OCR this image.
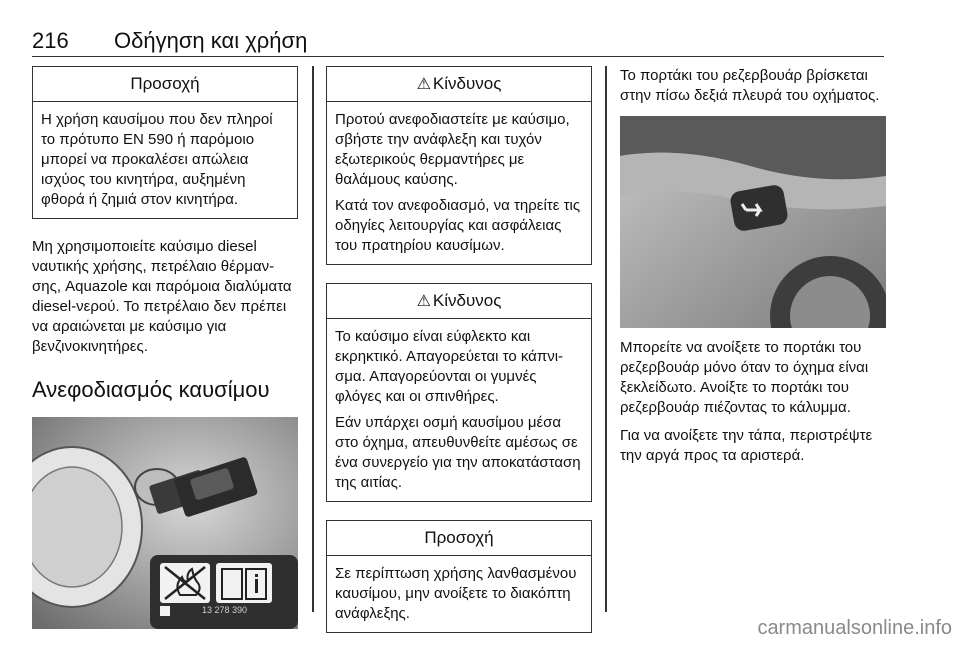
216 Οδήγηση και χρήση
Προσοχή

Η χρήση καυσίμου που δεν πληροί το πρότυπο EN 590 ή παρόμοιο μπορεί να προκαλέσει απώλεια ισχύος του κινητήρα, αυξημένη φθορά ή ζημιά στον κινητήρα.

Μη χρησιμοποιείτε καύσιμο diesel ναυτικής χρήσης, πετρέλαιο θέρμανσης, Aquazole και παρόμοια διαλύματα diesel-νερού. Το πετρέλαιο δεν πρέπει να αραιώνεται με καύσιμο για βενζινοκινητήρες.

Ανεφοδιασμός καυσίμου
13 278 390
⚠ Κίνδυνος

Προτού ανεφοδιαστείτε με καύσιμο, σβήστε την ανάφλεξη και τυχόν εξωτερικούς θερμαντήρες με θαλάμους καύσης.

Κατά τον ανεφοδιασμό, να τηρείτε τις οδηγίες λειτουργίας και ασφάλειας του πρατηρίου καυσίμων.

⚠ Κίνδυνος

Το καύσιμο είναι εύφλεκτο και εκρηκτικό. Απαγορεύεται το κάπνισμα. Απαγορεύονται οι γυμνές φλόγες και οι σπινθήρες.

Εάν υπάρχει οσμή καυσίμου μέσα στο όχημα, απευθυνθείτε αμέσως σε ένα συνεργείο για την αποκατάσταση της αιτίας.

Προσοχή

Σε περίπτωση χρήσης λανθασμένου καυσίμου, μην ανοίξετε το διακόπτη ανάφλεξης.

Το πορτάκι του ρεζερβουάρ βρίσκεται στην πίσω δεξιά πλευρά του οχήματος.

Μπορείτε να ανοίξετε το πορτάκι του ρεζερβουάρ μόνο όταν το όχημα είναι ξεκλείδωτο. Ανοίξτε το πορτάκι του ρεζερβουάρ πιέζοντας το κάλυμμα.

Για να ανοίξετε την τάπα, περιστρέψτε την αργά προς τα αριστερά.

carmanualsonline.info
